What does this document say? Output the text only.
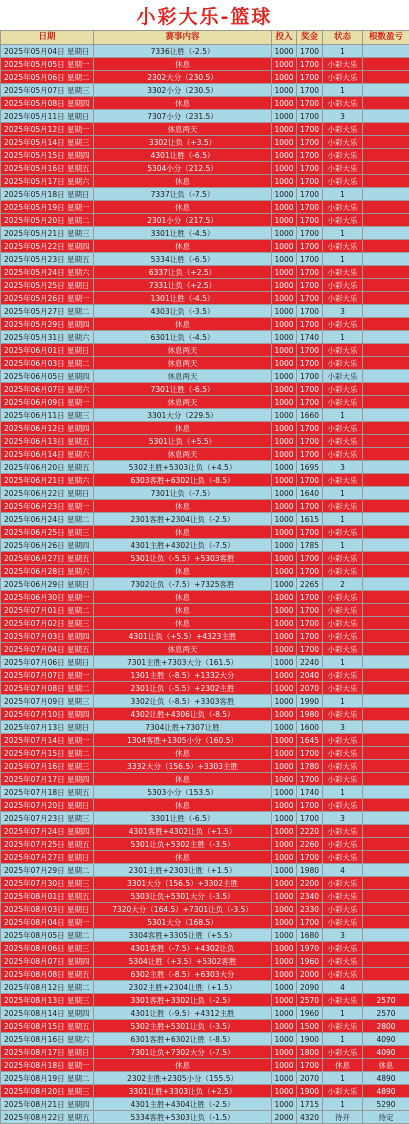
小彩大乐-篮球
日期	赛事内容	投入	奖金	状态	根数盈亏
2025年05月04日 星期日	7336让胜（-2.5）	1000	1700	1	
2025年05月05日 星期一	休息	1000	1700	小彩大乐	
2025年05月06日 星期二	2302大分（230.5）	1000	1700	小彩大乐	
2025年05月07日 星期三	3302小分（230.5）	1000	1700	1	
2025年05月08日 星期四	休息	1000	1700	小彩大乐	
2025年05月11日 星期日	7307小分（231.5）	1000	1700	3	
2025年05月12日 星期一	休息两天	1000	1700	小彩大乐	
2025年05月14日 星期三	3302让负（+3.5）	1000	1700	小彩大乐	
2025年05月15日 星期四	4301让胜（-6.5）	1000	1700	小彩大乐	
2025年05月16日 星期五	5304小分（212.5）	1000	1700	小彩大乐	
2025年05月17日 星期六	休息	1000	1700	小彩大乐	
2025年05月18日 星期日	7337让负（-7.5）	1000	1700	1	
2025年05月19日 星期一	休息	1000	1700	小彩大乐	
2025年05月20日 星期二	2301小分（217.5）	1000	1700	小彩大乐	
2025年05月21日 星期三	3301让胜（-4.5）	1000	1700	1	
2025年05月22日 星期四	休息	1000	1700	小彩大乐	
2025年05月23日 星期五	5334让胜（-6.5）	1000	1700	1	
2025年05月24日 星期六	6337让负（+2.5）	1000	1700	小彩大乐	
2025年05月25日 星期日	7331让负（+2.5）	1000	1700	小彩大乐	
2025年05月26日 星期一	1301让胜（-4.5）	1000	1700	小彩大乐	
2025年05月27日 星期二	4303让负（-3.5）	1000	1700	3	
2025年05月29日 星期四	休息	1000	1700	小彩大乐	
2025年05月31日 星期六	6301让负（-4.5）	1000	1740	1	
2025年06月01日 星期日	休息两天	1000	1700	小彩大乐	
2025年06月03日 星期二	休息两天	1000	1700	小彩大乐	
2025年06月05日 星期四	休息两天	1000	1700	小彩大乐	
2025年06月07日 星期六	7301让胜（-6.5）	1000	1700	小彩大乐	
2025年06月09日 星期一	休息两天	1000	1700	小彩大乐	
2025年06月11日 星期三	3301大分（229.5）	1000	1660	1	
2025年06月12日 星期四	休息	1000	1700	小彩大乐	
2025年06月13日 星期五	5301让负（+5.5）	1000	1700	小彩大乐	
2025年06月14日 星期六	休息两天	1000	1700	小彩大乐	
2025年06月20日 星期五	5302主胜+5303让负（+4.5）	1000	1695	3	
2025年06月21日 星期六	6303客胜+6302让负（-8.5）	1000	1700	小彩大乐	
2025年06月22日 星期日	7301让负（-7.5）	1000	1640	1	
2025年06月23日 星期一	休息	1000	1700	小彩大乐	
2025年06月24日 星期二	2301客胜+2304让负（-2.5）	1000	1615	1	
2025年06月25日 星期三	休息	1000	1700	小彩大乐	
2025年06月26日 星期四	4301主胜+4302让负（-7.5）	1000	1785	1	
2025年06月27日 星期五	5301让负（-5.5）+5303客胜	1000	1700	小彩大乐	
2025年06月28日 星期六	休息	1000	1700	小彩大乐	
2025年06月29日 星期日	7302让负（-7.5）+7325客胜	1000	2265	2	
2025年06月30日 星期一	休息	1000	1700	小彩大乐	
2025年07月01日 星期二	休息	1000	1700	小彩大乐	
2025年07月02日 星期三	休息	1000	1700	小彩大乐	
2025年07月03日 星期四	4301让负（+5.5）+4323主胜	1000	1700	小彩大乐	
2025年07月04日 星期五	休息两天	1000	1700	小彩大乐	
2025年07月06日 星期日	7301主胜+7303大分（161.5）	1000	2240	1	
2025年07月07日 星期一	1301主胜（-8.5）+1332大分	1000	2040	小彩大乐	
2025年07月08日 星期二	2301让负（-5.5）+2302主胜	1000	2070	小彩大乐	
2025年07月09日 星期三	3302让负（-8.5）+3303客胜	1000	1990	1	
2025年07月10日 星期四	4302让胜+4306让负（-8.5）	1000	1980	小彩大乐	
2025年07月13日 星期日	7304让胜+7307让胜	1000	1600	3	
2025年07月14日 星期一	1304客胜+1305小分（160.5）	1000	1645	小彩大乐	
2025年07月15日 星期二	休息	1000	1700	小彩大乐	
2025年07月16日 星期三	3332大分（156.5）+3303主胜	1000	1780	小彩大乐	
2025年07月17日 星期四	休息	1000	1700	小彩大乐	
2025年07月18日 星期五	5303小分（153.5）	1000	1740	1	
2025年07月20日 星期日	休息	1000	1700	小彩大乐	
2025年07月23日 星期三	3301让胜（-6.5）	1000	1700	3	
2025年07月24日 星期四	4301客胜+4302让负（+1.5）	1000	2220	小彩大乐	
2025年07月25日 星期五	5301让负+5302主胜（-3.5）	1000	2260	小彩大乐	
2025年07月27日 星期日	休息	1000	1700	小彩大乐	
2025年07月29日 星期二	2301主胜+2303让胜（+1.5）	1000	1980	4	
2025年07月30日 星期三	3301大分（156.5）+3302主胜	1000	2200	小彩大乐	
2025年08月01日 星期五	5303让负+5301大分（-3.5）	1000	2340	小彩大乐	
2025年08月03日 星期日	7320大分（164.5）+7301让负（-3.5）	1000	2330	小彩大乐	
2025年08月04日 星期一	5301大分（168.5）	1000	1700	小彩大乐	
2025年08月05日 星期二	3304客胜+3305让胜（+5.5）	1000	1680	3	
2025年08月06日 星期三	4301客胜（-7.5）+4302让负	1000	1970	小彩大乐	
2025年08月07日 星期四	5304让胜（+3.5）+5302客胜	1000	1960	小彩大乐	
2025年08月08日 星期五	6302主胜（-8.5）+6303大分	1000	2000	小彩大乐	
2025年08月12日 星期二	2302主胜+2304让胜（+1.5）	1000	2090	4	
2025年08月13日 星期三	3301客胜+3302让负（-2.5）	1000	2570	小彩大乐	2570
2025年08月14日 星期四	4301让胜（-9.5）+4312主胜	1000	1960	1	2570
2025年08月15日 星期五	5302主胜+5301让负（-3.5）	1000	1500	小彩大乐	2800
2025年08月16日 星期六	6301客胜+6302让胜（-8.5）	1000	1900	1	4090
2025年08月17日 星期日	7301让负+7302大分（-7.5）	1000	1800	小彩大乐	4090
2025年08月18日 星期一	休息	1000	1700	休息	休息
2025年08月19日 星期二	2302主胜+2305小分（155.5）	1000	2070	1	4890
2025年08月20日 星期三	3301让胜+3303让负（+2.5）	1000	1900	小彩大乐	4890
2025年08月21日 星期四	4301主胜+4304让胜（-2.5）	1000	1715	1	5290
2025年08月22日 星期五	5334客胜+5303让负（-1.5）	2000	4320	待开	待定
